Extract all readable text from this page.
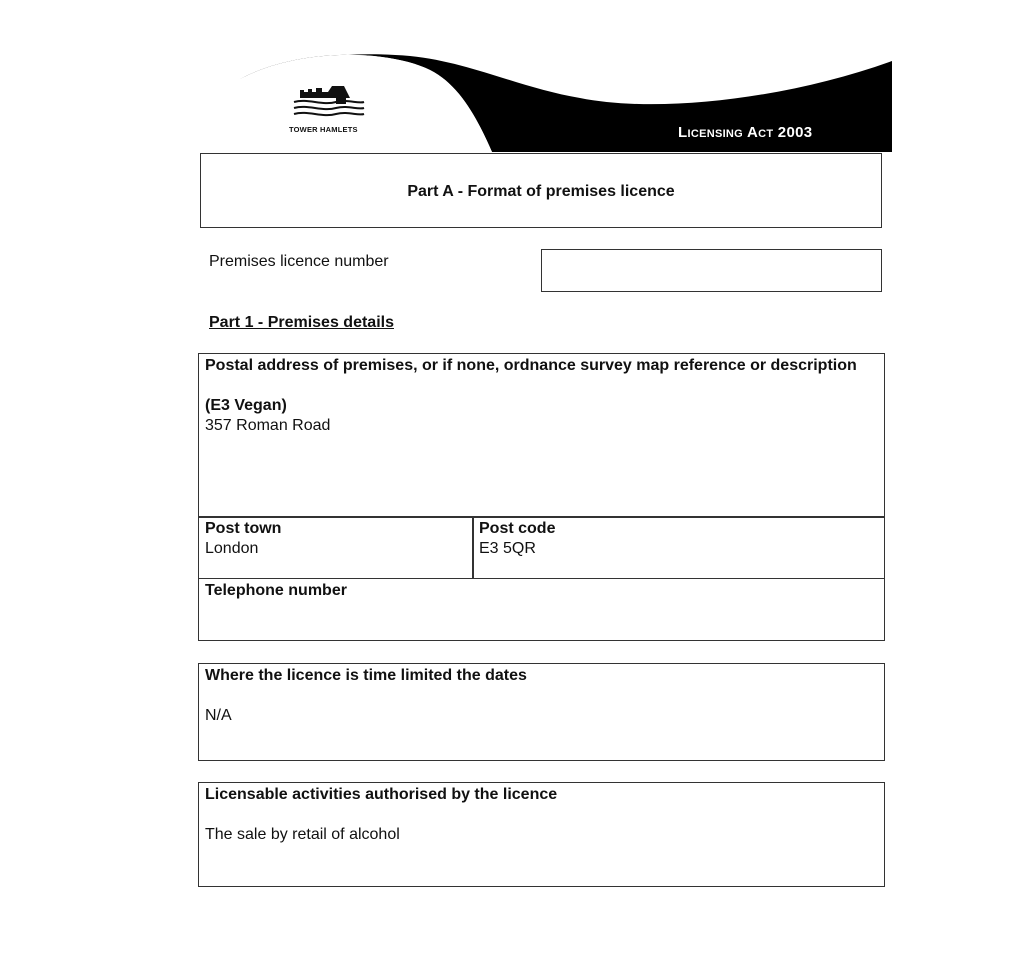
TOWER HAMLETS	Licensing Act 2003
Part A - Format of premises licence
Premises licence number
Part 1 - Premises details
Postal address of premises, or if none, ordnance survey map reference or description
(E3 Vegan)
357 Roman Road
Post town
London
Post code
E3 5QR
Telephone number
Where the licence is time limited the dates
N/A
Licensable activities authorised by the licence
The sale by retail of alcohol
